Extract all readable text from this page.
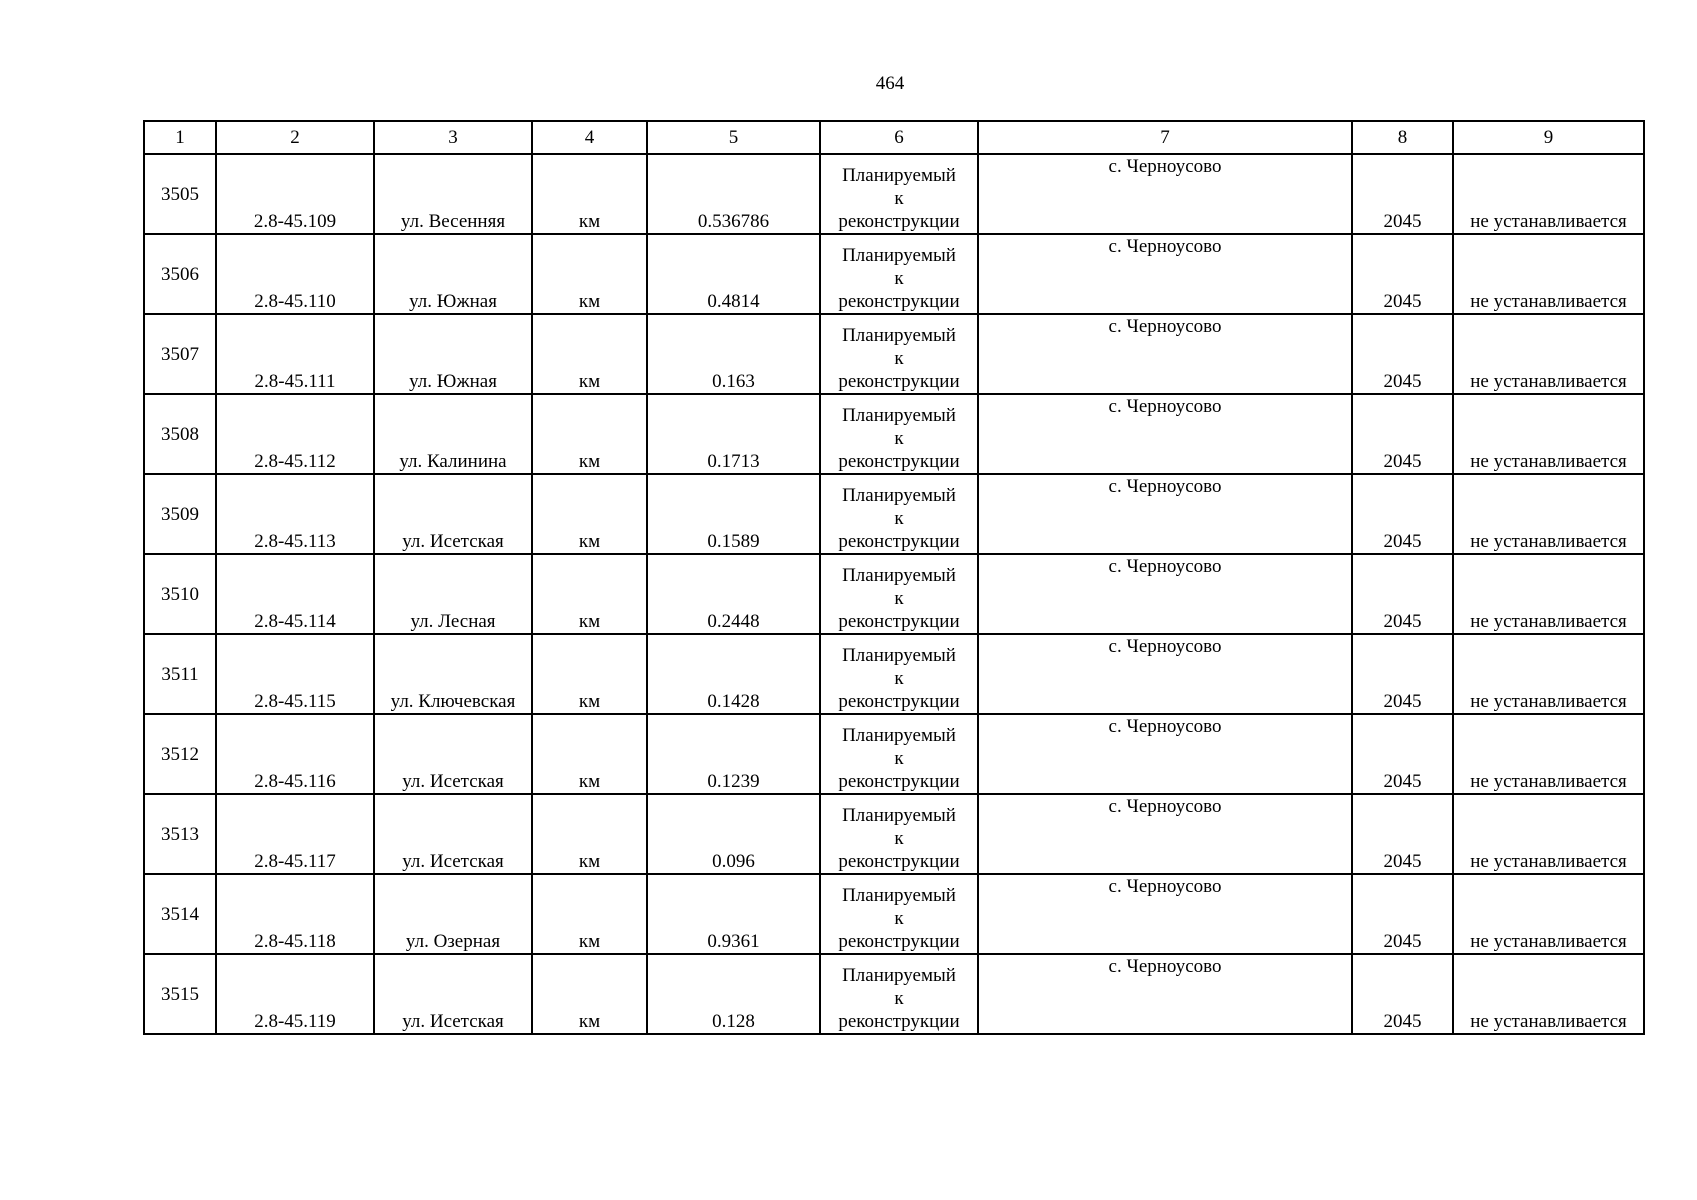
464
1	2	3	4	5	6	7	8	9
3505	2.8-45.109	ул. Весенняя	км	0.536786	Планируемый
к
реконструкции	с. Черноусово	2045	не устанавливается
3506	2.8-45.110	ул. Южная	км	0.4814	Планируемый
к
реконструкции	с. Черноусово	2045	не устанавливается
3507	2.8-45.111	ул. Южная	км	0.163	Планируемый
к
реконструкции	с. Черноусово	2045	не устанавливается
3508	2.8-45.112	ул. Калинина	км	0.1713	Планируемый
к
реконструкции	с. Черноусово	2045	не устанавливается
3509	2.8-45.113	ул. Исетская	км	0.1589	Планируемый
к
реконструкции	с. Черноусово	2045	не устанавливается
3510	2.8-45.114	ул. Лесная	км	0.2448	Планируемый
к
реконструкции	с. Черноусово	2045	не устанавливается
3511	2.8-45.115	ул. Ключевская	км	0.1428	Планируемый
к
реконструкции	с. Черноусово	2045	не устанавливается
3512	2.8-45.116	ул. Исетская	км	0.1239	Планируемый
к
реконструкции	с. Черноусово	2045	не устанавливается
3513	2.8-45.117	ул. Исетская	км	0.096	Планируемый
к
реконструкции	с. Черноусово	2045	не устанавливается
3514	2.8-45.118	ул. Озерная	км	0.9361	Планируемый
к
реконструкции	с. Черноусово	2045	не устанавливается
3515	2.8-45.119	ул. Исетская	км	0.128	Планируемый
к
реконструкции	с. Черноусово	2045	не устанавливается
